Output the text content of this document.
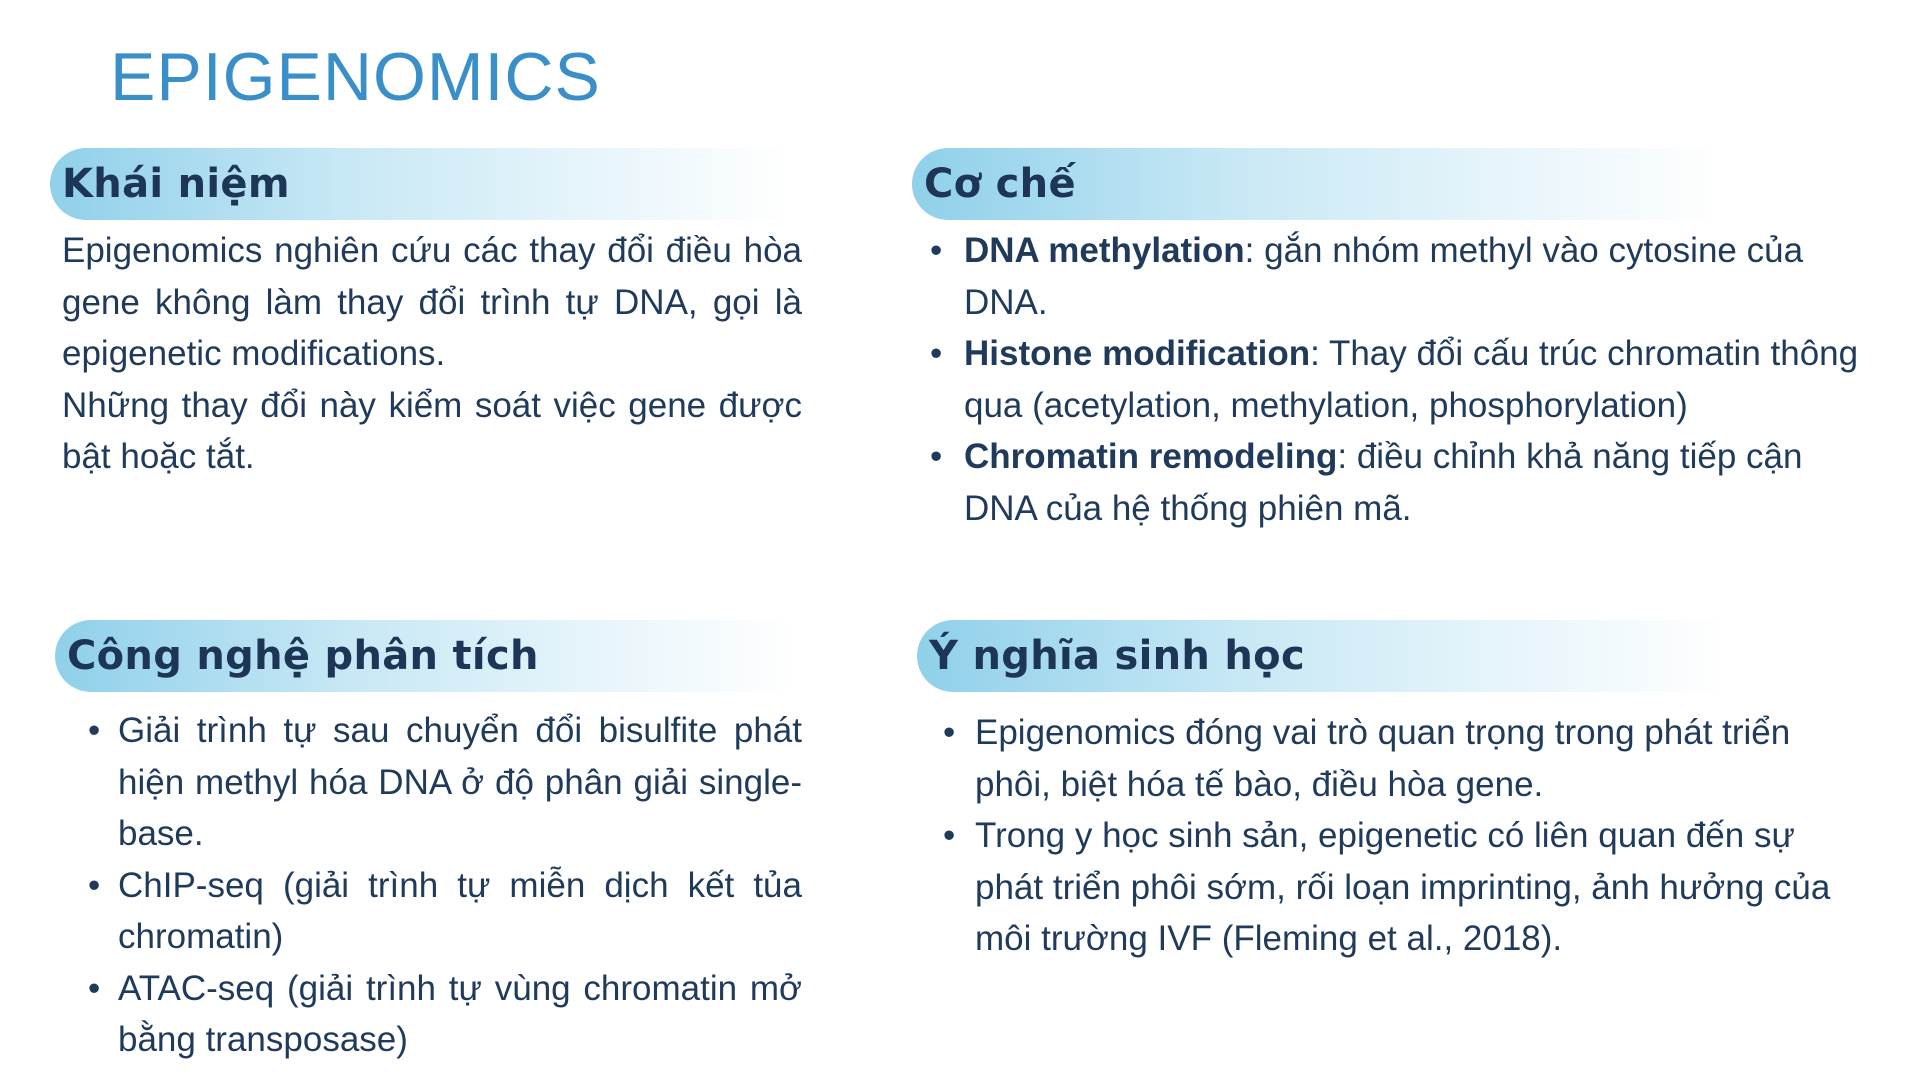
EPIGENOMICS
Khái niệm

Epigenomics nghiên cứu các thay đổi điều hòa gene không làm thay đổi trình tự DNA, gọi là epigenetic modifications.

Những thay đổi này kiểm soát việc gene được bật hoặc tắt.

Cơ chế
• DNA methylation: gắn nhóm methyl vào cytosine của DNA.
• Histone modification: Thay đổi cấu trúc chromatin thông qua (acetylation, methylation, phosphorylation)
• Chromatin remodeling: điều chỉnh khả năng tiếp cận DNA của hệ thống phiên mã.
Công nghệ phân tích
• Giải trình tự sau chuyển đổi bisulfite phát hiện methyl hóa DNA ở độ phân giải single-base.
• ChIP-seq (giải trình tự miễn dịch kết tủa chromatin)
• ATAC-seq (giải trình tự vùng chromatin mở bằng transposase)
Ý nghĩa sinh học
• Epigenomics đóng vai trò quan trọng trong phát triển phôi, biệt hóa tế bào, điều hòa gene.
• Trong y học sinh sản, epigenetic có liên quan đến sự phát triển phôi sớm, rối loạn imprinting, ảnh hưởng của môi trường IVF (Fleming et al., 2018).
